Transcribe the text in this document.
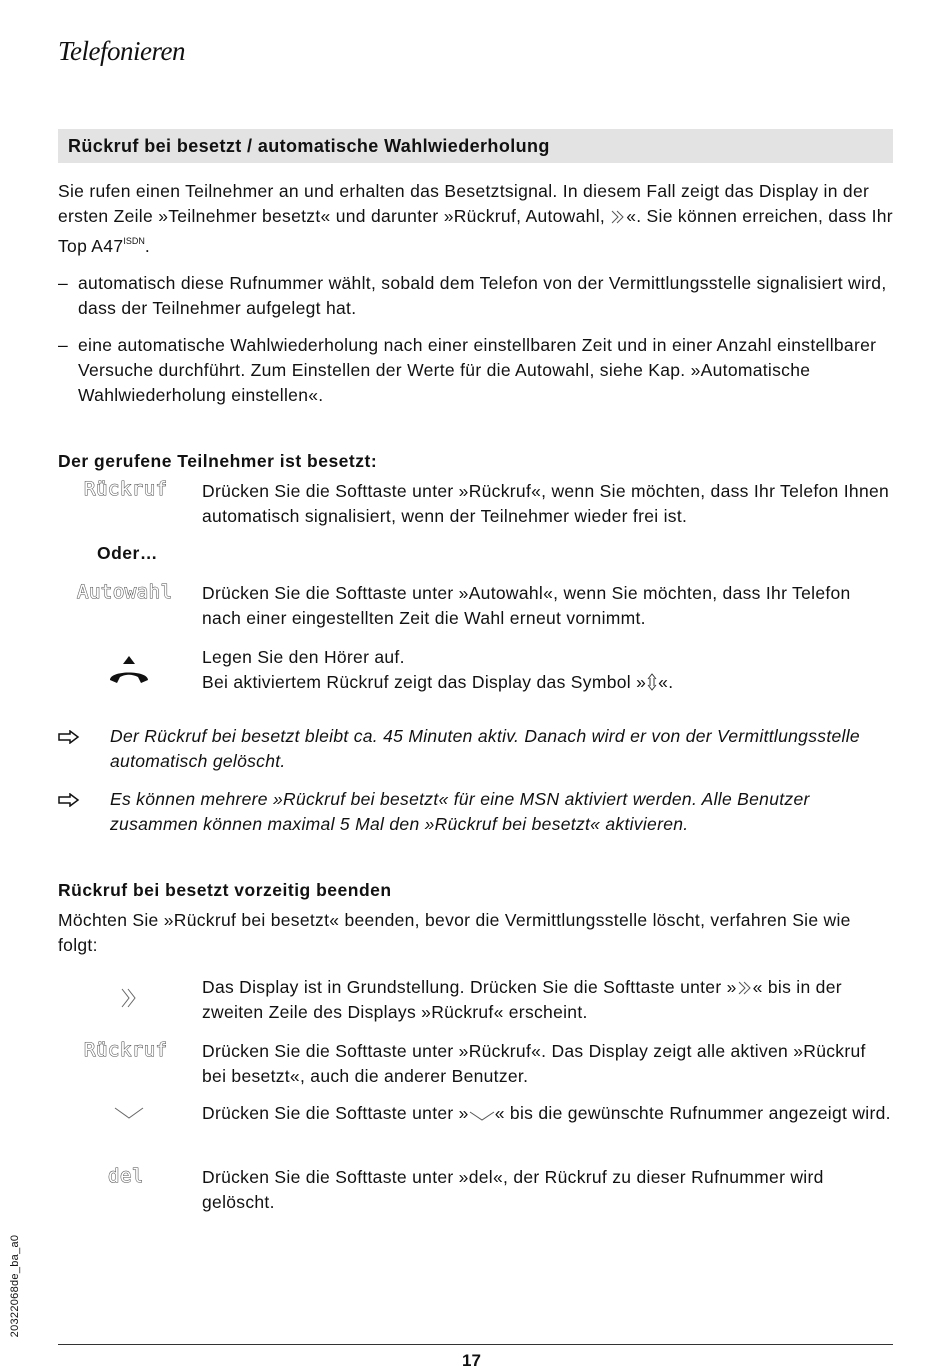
Telefonieren
Rückruf bei besetzt / automatische Wahlwiederholung
Sie rufen einen Teilnehmer an und erhalten das Besetztsignal. In diesem Fall zeigt das Display in der ersten Zeile »Teilnehmer besetzt« und darunter »Rückruf, Autowahl, «. Sie können erreichen, dass Ihr Top $A47^{ISDN}$.
– automatisch diese Rufnummer wählt, sobald dem Telefon von der Vermittlungsstelle signalisiert wird, dass der Teilnehmer aufgelegt hat.
– eine automatische Wahlwiederholung nach einer einstellbaren Zeit und in einer Anzahl einstellbarer Versuche durchführt. Zum Einstellen der Werte für die Autowahl, siehe Kap. »Automatische Wahlwiederholung einstellen«.
Der gerufene Teilnehmer ist besetzt:
Rückruf Drücken Sie die Softtaste unter »Rückruf«, wenn Sie möchten, dass Ihr Telefon Ihnen automatisch signalisiert, wenn der Teilnehmer wieder frei ist.
Oder…
Autowahl Drücken Sie die Softtaste unter »Autowahl«, wenn Sie möchten, dass Ihr Telefon nach einer eingestellten Zeit die Wahl erneut vornimmt.
Legen Sie den Hörer auf.
Bei aktiviertem Rückruf zeigt das Display das Symbol » «.
Der Rückruf bei besetzt bleibt ca. 45 Minuten aktiv. Danach wird er von der Vermittlungsstelle automatisch gelöscht.
Es können mehrere »Rückruf bei besetzt« für eine MSN aktiviert werden. Alle Benutzer zusammen können maximal 5 Mal den »Rückruf bei besetzt« aktivieren.
Rückruf bei besetzt vorzeitig beenden
Möchten Sie »Rückruf bei besetzt« beenden, bevor die Vermittlungsstelle löscht, verfahren Sie wie folgt:
Das Display ist in Grundstellung. Drücken Sie die Softtaste unter » « bis in der zweiten Zeile des Displays »Rückruf« erscheint.
Rückruf Drücken Sie die Softtaste unter »Rückruf«. Das Display zeigt alle aktiven »Rückruf bei besetzt«, auch die anderer Benutzer.
Drücken Sie die Softtaste unter » « bis die gewünschte Rufnummer angezeigt wird.
del	Drücken Sie die Softtaste unter »del«, der Rückruf zu dieser Rufnummer wird gelöscht.
20322068de_ba_a0
17
